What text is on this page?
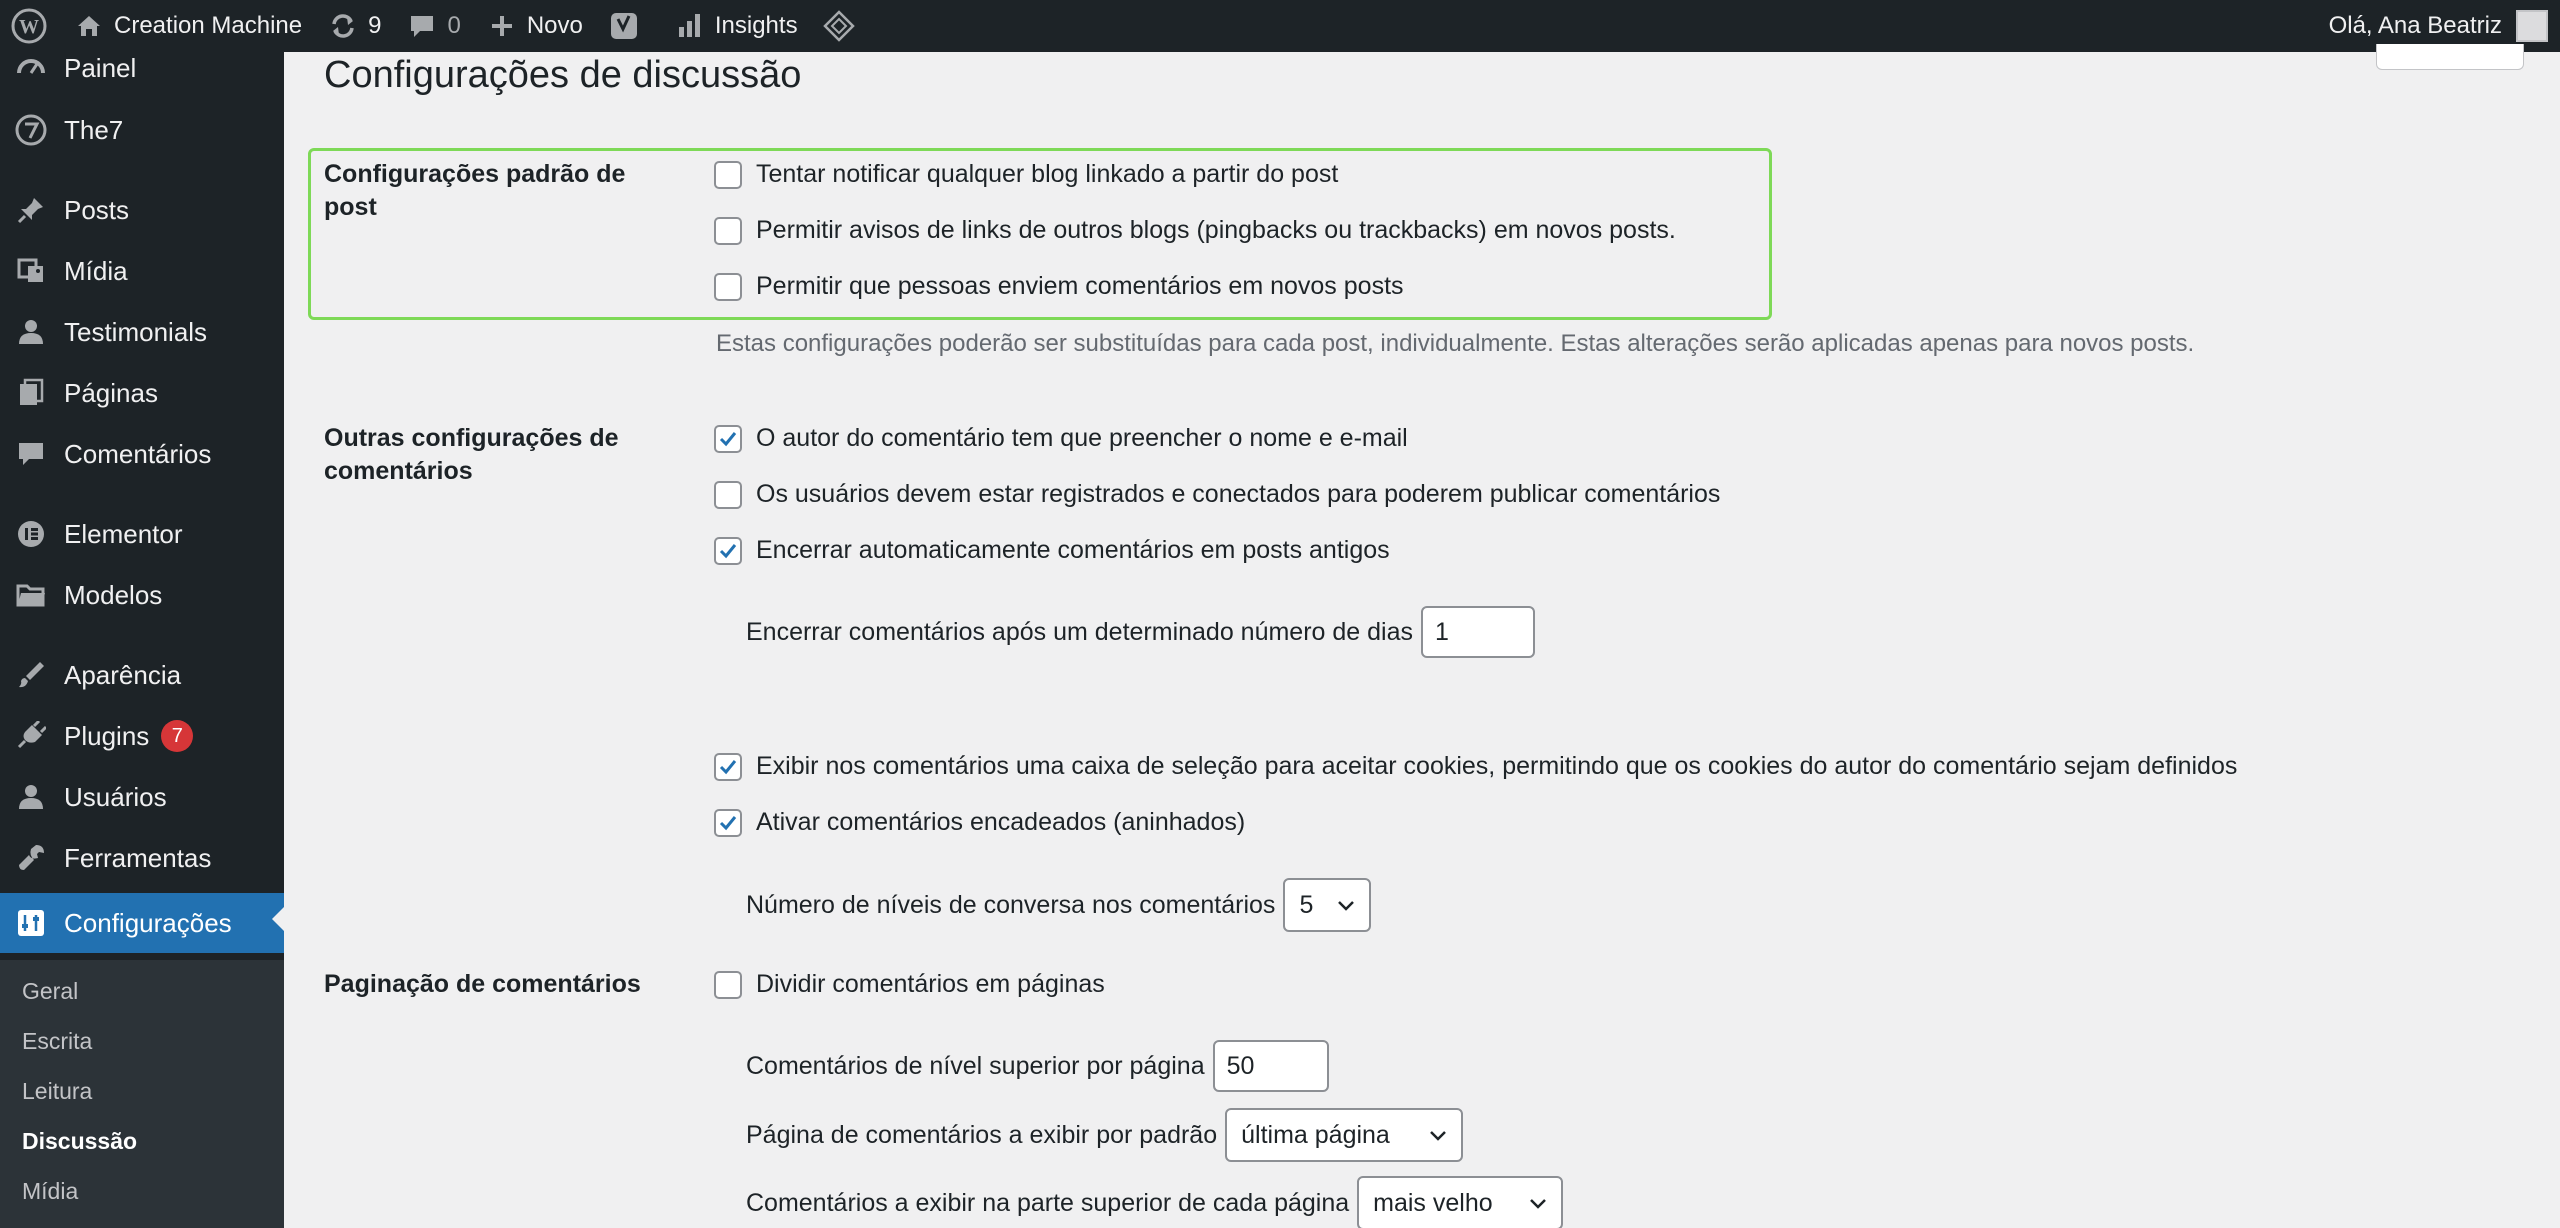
W	Creation Machine	9	0	Novo	Insights	Olá, Ana Beatriz
Painel
The7
Posts
Mídia
Testimonials
Páginas
Comentários
Elementor
Modelos
Aparência
Plugins	7
Usuários
Ferramentas
Configurações
Geral
Escrita
Leitura
Discussão
Mídia
Configurações de discussão
Configurações padrão de post
Tentar notificar qualquer blog linkado a partir do post
Permitir avisos de links de outros blogs (pingbacks ou trackbacks) em novos posts.
Permitir que pessoas enviem comentários em novos posts
Estas configurações poderão ser substituídas para cada post, individualmente. Estas alterações serão aplicadas apenas para novos posts.
Outras configurações de comentários
O autor do comentário tem que preencher o nome e e-mail
Os usuários devem estar registrados e conectados para poderem publicar comentários
Encerrar automaticamente comentários em posts antigos
Encerrar comentários após um determinado número de dias 1
Exibir nos comentários uma caixa de seleção para aceitar cookies, permitindo que os cookies do autor do comentário sejam definidos
Ativar comentários encadeados (aninhados)
Número de níveis de conversa nos comentários 5
Paginação de comentários	Dividir comentários em páginas
Comentários de nível superior por página 50
Página de comentários a exibir por padrão última página
Comentários a exibir na parte superior de cada página mais velho
